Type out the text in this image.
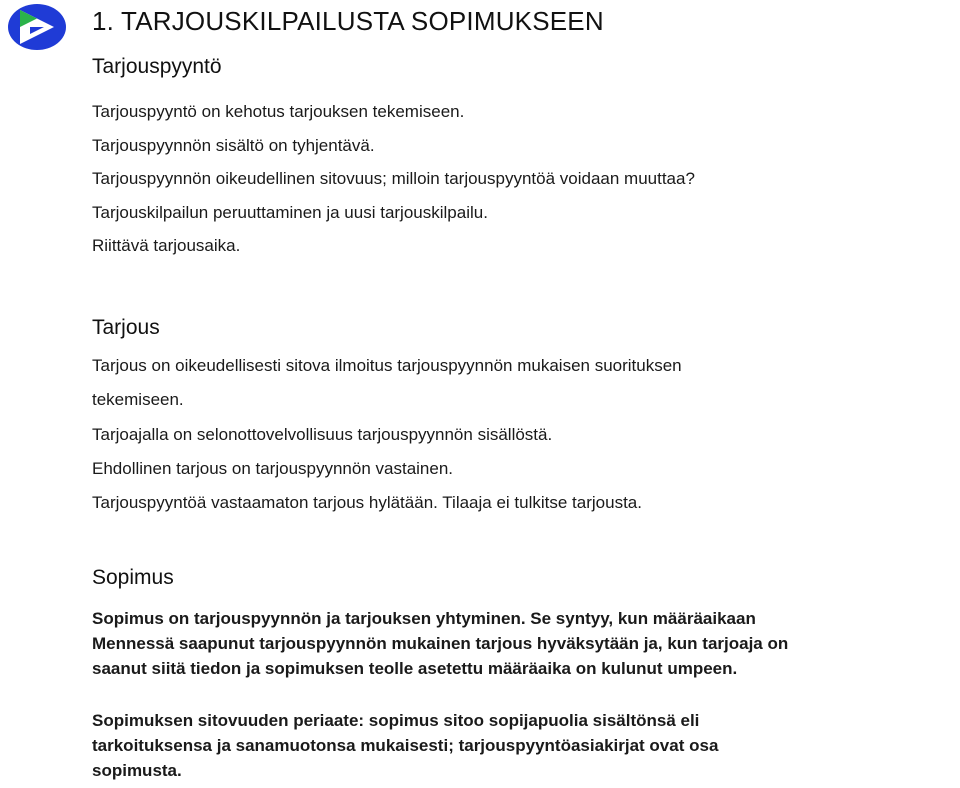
1. TARJOUSKILPAILUSTA SOPIMUKSEEN

Tarjouspyyntö

Tarjouspyyntö on kehotus tarjouksen tekemiseen.

Tarjouspyynnön sisältö on tyhjentävä.

Tarjouspyynnön oikeudellinen sitovuus; milloin tarjouspyyntöä voidaan muuttaa?

Tarjouskilpailun peruuttaminen ja uusi tarjouskilpailu.

Riittävä tarjousaika.

Tarjous

Tarjous on oikeudellisesti sitova ilmoitus tarjouspyynnön mukaisen suorituksen

tekemiseen.

Tarjoajalla on selonottovelvollisuus tarjouspyynnön sisällöstä.

Ehdollinen tarjous on tarjouspyynnön vastainen.

Tarjouspyyntöä vastaamaton tarjous hylätään. Tilaaja ei tulkitse tarjousta.

Sopimus

Sopimus on tarjouspyynnön ja tarjouksen yhtyminen. Se syntyy, kun määräaikaan

Mennessä saapunut tarjouspyynnön mukainen tarjous hyväksytään ja, kun tarjoaja on

saanut siitä tiedon ja sopimuksen teolle asetettu määräaika on kulunut umpeen.

Sopimuksen sitovuuden periaate: sopimus sitoo sopijapuolia sisältönsä eli

tarkoituksensa ja sanamuotonsa mukaisesti; tarjouspyyntöasiakirjat ovat osa

sopimusta.
